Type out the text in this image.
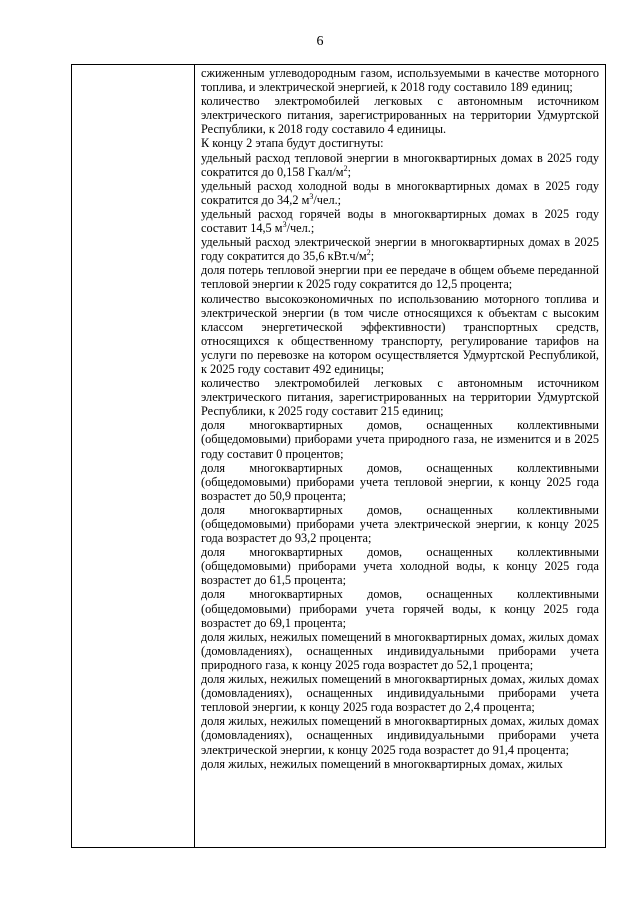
6

сжиженным углеводородным газом, используемыми в качестве моторного топлива, и электрической энергией, к 2018 году составило 189 единиц;

количество электромобилей легковых с автономным источником электрического питания, зарегистрированных на территории Удмуртской Республики, к 2018 году составило 4 единицы.

К концу 2 этапа будут достигнуты:

удельный расход тепловой энергии в многоквартирных домах в 2025 году сократится до 0,158 Гкал/$м^2$;

удельный расход холодной воды в многоквартирных домах в 2025 году сократится до 34,2 $м^3$/чел.;

удельный расход горячей воды в многоквартирных домах в 2025 году составит 14,5 $м^3$/чел.;

удельный расход электрической энергии в многоквартирных домах в 2025 году сократится до 35,6 $кВт.ч/м^2$;

доля потерь тепловой энергии при ее передаче в общем объеме переданной тепловой энергии к 2025 году сократится до 12,5 процента;

количество высокоэкономичных по использованию моторного топлива и электрической энергии (в том числе относящихся к объектам с высоким классом энергетической эффективности) транспортных средств, относящихся к общественному транспорту, регулирование тарифов на услуги по перевозке на котором осуществляется Удмуртской Республикой, к 2025 году составит 492 единицы;

количество электромобилей легковых с автономным источником электрического питания, зарегистрированных на территории Удмуртской Республики, к 2025 году составит 215 единиц;

доля многоквартирных домов, оснащенных коллективными (общедомовыми) приборами учета природного газа, не изменится и в 2025 году составит 0 процентов;

доля многоквартирных домов, оснащенных коллективными (общедомовыми) приборами учета тепловой энергии, к концу 2025 года возрастет до 50,9 процента;

доля многоквартирных домов, оснащенных коллективными (общедомовыми) приборами учета электрической энергии, к концу 2025 года возрастет до 93,2 процента;

доля многоквартирных домов, оснащенных коллективными (общедомовыми) приборами учета холодной воды, к концу 2025 года возрастет до 61,5 процента;

доля многоквартирных домов, оснащенных коллективными (общедомовыми) приборами учета горячей воды, к концу 2025 года возрастет до 69,1 процента;

доля жилых, нежилых помещений в многоквартирных домах, жилых домах (домовладениях), оснащенных индивидуальными приборами учета природного газа, к концу 2025 года возрастет до 52,1 процента;

доля жилых, нежилых помещений в многоквартирных домах, жилых домах (домовладениях), оснащенных индивидуальными приборами учета тепловой энергии, к концу 2025 года возрастет до 2,4 процента;

доля жилых, нежилых помещений в многоквартирных домах, жилых домах (домовладениях), оснащенных индивидуальными приборами учета электрической энергии, к концу 2025 года возрастет до 91,4 процента;

доля жилых, нежилых помещений в многоквартирных домах, жилых
